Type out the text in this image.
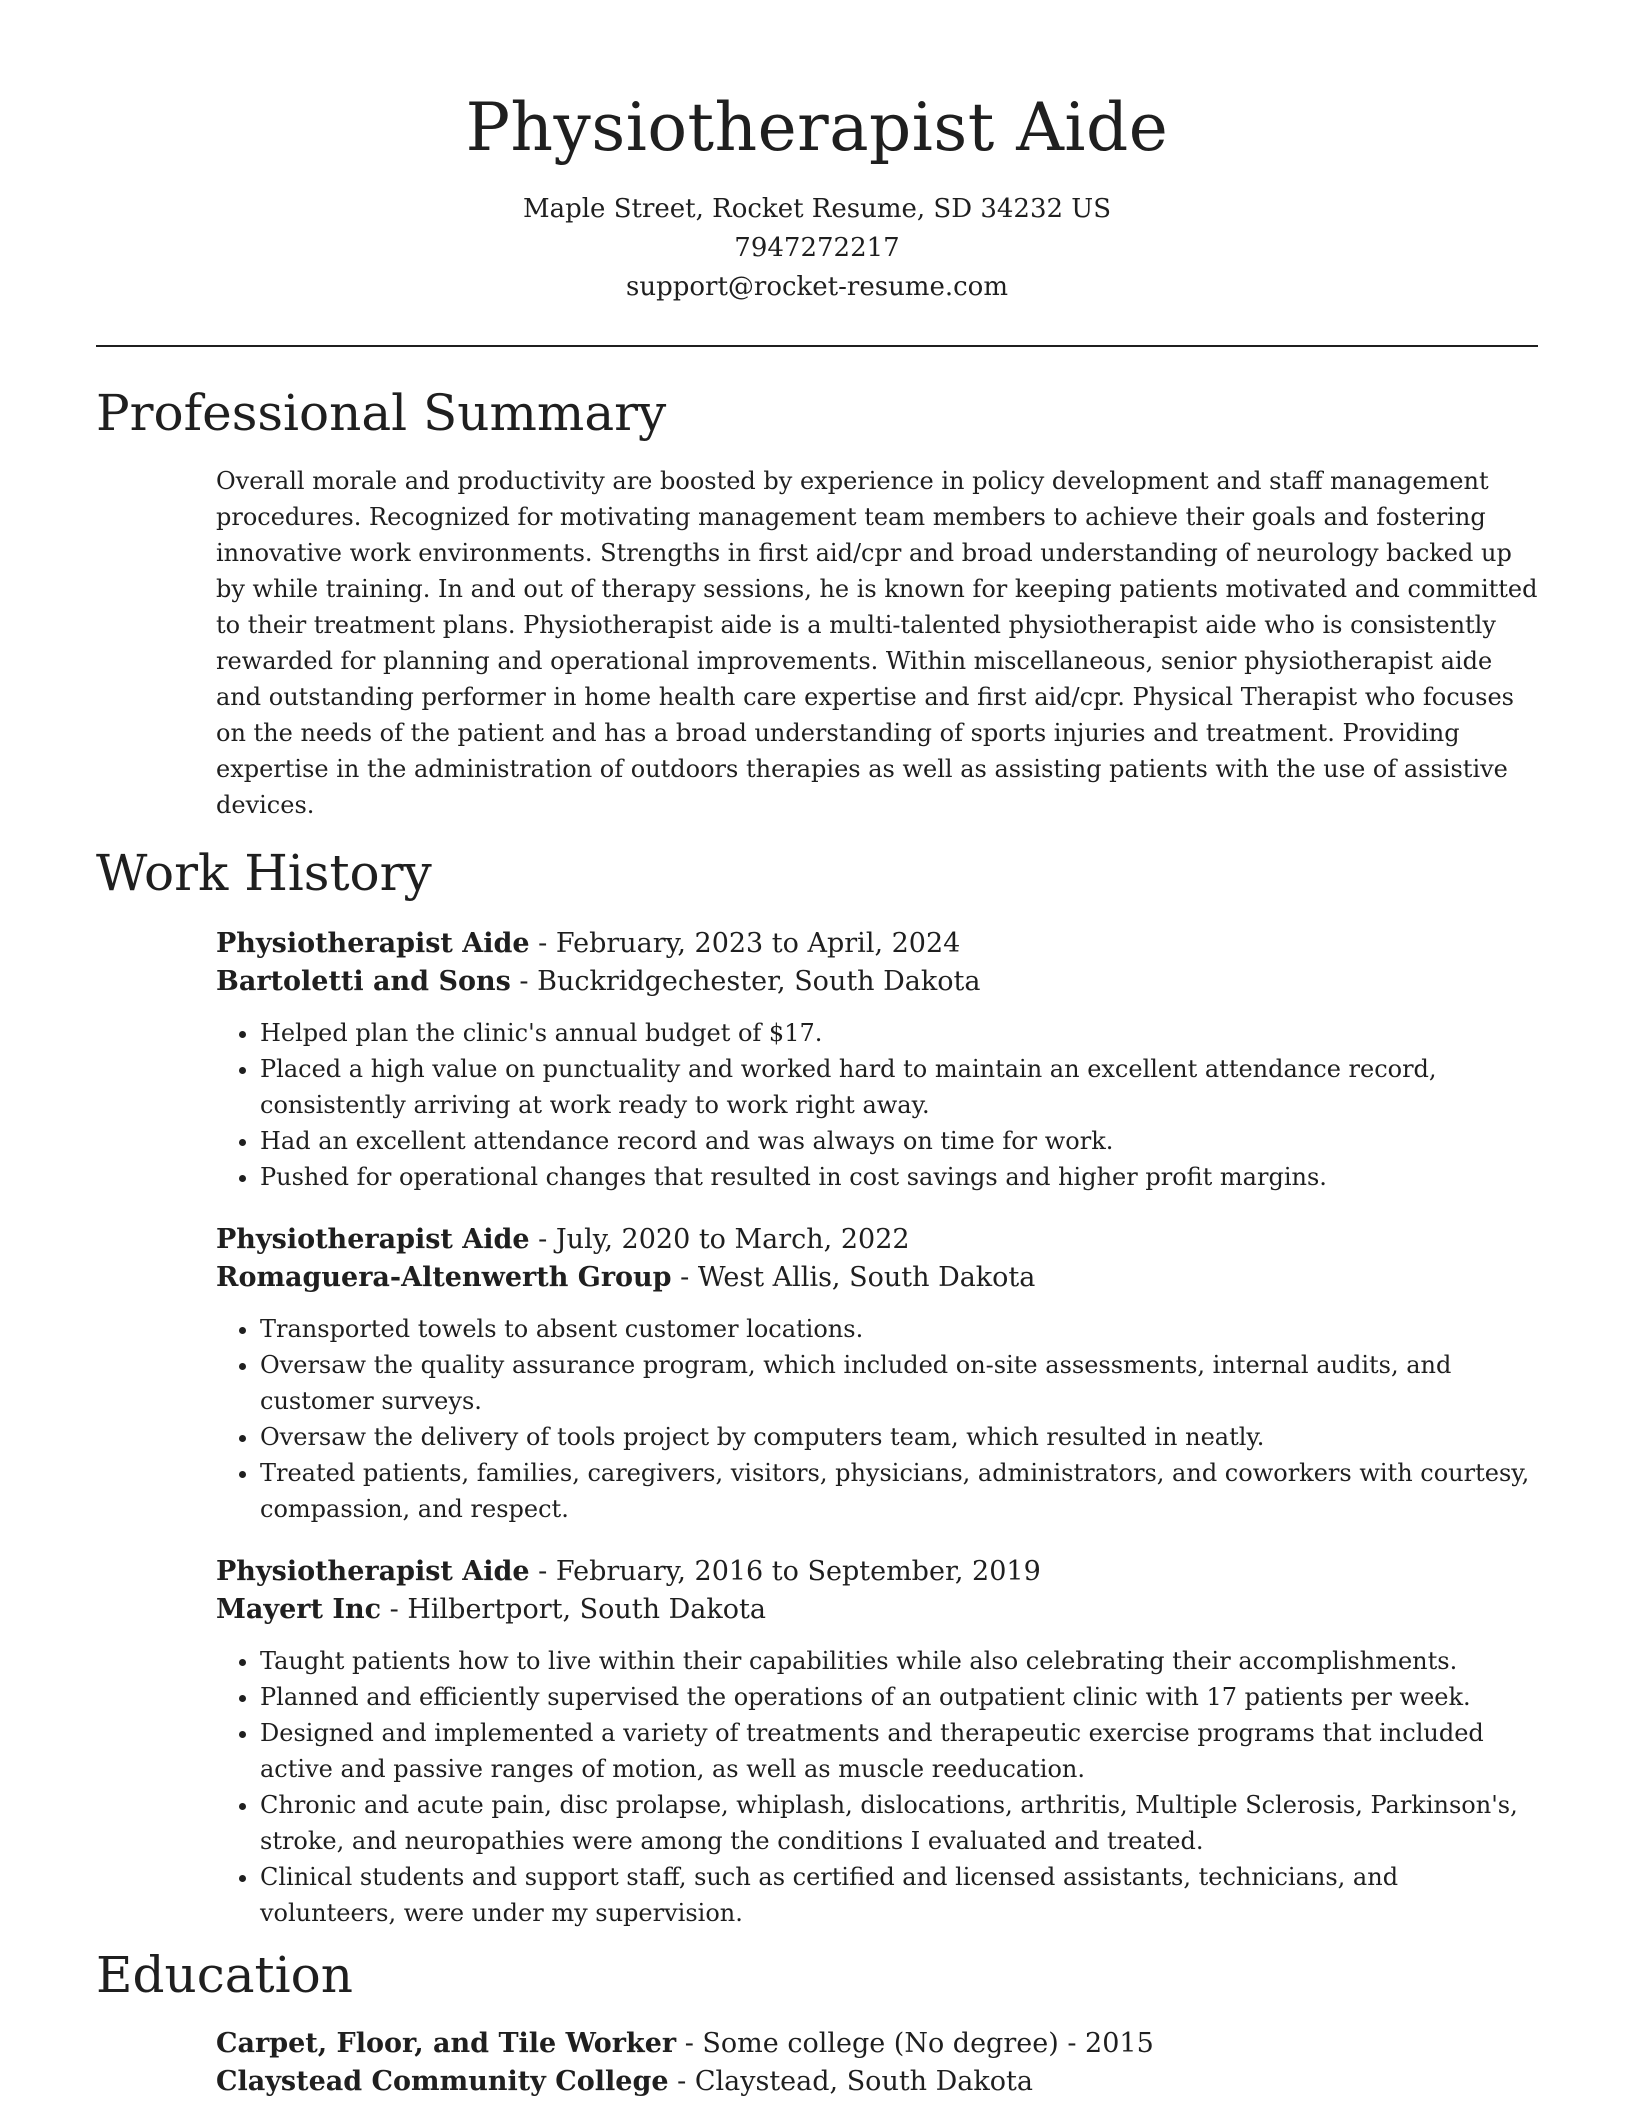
Physiotherapist Aide
Maple Street, Rocket Resume, SD 34232 US
7947272217
support@rocket-resume.com
Professional Summary

Overall morale and productivity are boosted by experience in policy development and staff management procedures. Recognized for motivating management team members to achieve their goals and fostering innovative work environments. Strengths in first aid/cpr and broad understanding of neurology backed up by while training. In and out of therapy sessions, he is known for keeping patients motivated and committed to their treatment plans. Physiotherapist aide is a multi-talented physiotherapist aide who is consistently rewarded for planning and operational improvements. Within miscellaneous, senior physiotherapist aide and outstanding performer in home health care expertise and first aid/cpr. Physical Therapist who focuses on the needs of the patient and has a broad understanding of sports injuries and treatment. Providing expertise in the administration of outdoors therapies as well as assisting patients with the use of assistive devices.

Work History
Physiotherapist Aide - February, 2023 to April, 2024
Bartoletti and Sons - Buckridgechester, South Dakota
• Helped plan the clinic's annual budget of $17.
• Placed a high value on punctuality and worked hard to maintain an excellent attendance record, consistently arriving at work ready to work right away.
• Had an excellent attendance record and was always on time for work.
• Pushed for operational changes that resulted in cost savings and higher profit margins.
Physiotherapist Aide - July, 2020 to March, 2022
Romaguera-Altenwerth Group - West Allis, South Dakota
• Transported towels to absent customer locations.
• Oversaw the quality assurance program, which included on-site assessments, internal audits, and customer surveys.
• Oversaw the delivery of tools project by computers team, which resulted in neatly.
• Treated patients, families, caregivers, visitors, physicians, administrators, and coworkers with courtesy, compassion, and respect.
Physiotherapist Aide - February, 2016 to September, 2019
Mayert Inc - Hilbertport, South Dakota
• Taught patients how to live within their capabilities while also celebrating their accomplishments.
• Planned and efficiently supervised the operations of an outpatient clinic with 17 patients per week.
• Designed and implemented a variety of treatments and therapeutic exercise programs that included active and passive ranges of motion, as well as muscle reeducation.
• Chronic and acute pain, disc prolapse, whiplash, dislocations, arthritis, Multiple Sclerosis, Parkinson's, stroke, and neuropathies were among the conditions I evaluated and treated.
• Clinical students and support staff, such as certified and licensed assistants, technicians, and volunteers, were under my supervision.
Education
Carpet, Floor, and Tile Worker - Some college (No degree) - 2015
Claystead Community College - Claystead, South Dakota
